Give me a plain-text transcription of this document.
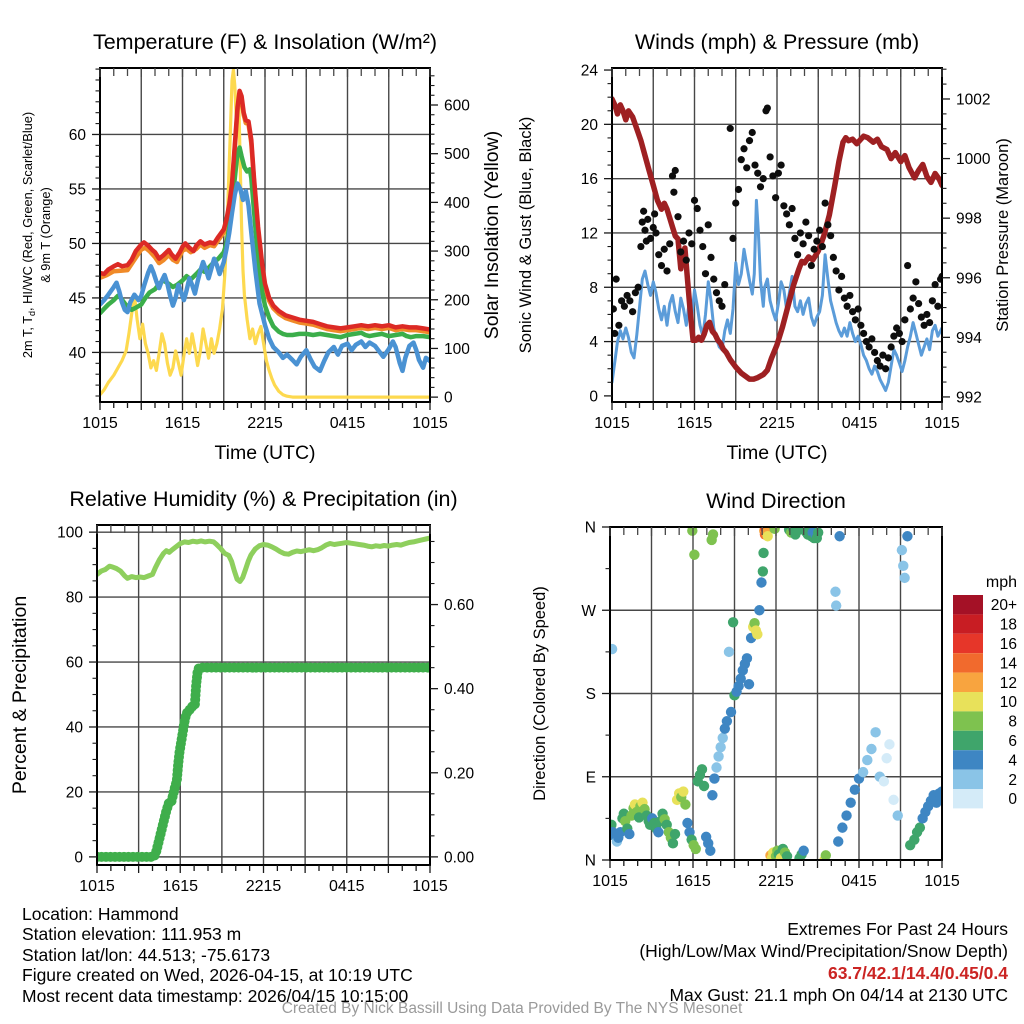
40
45
50
55
60
0
100
200
300
400
500
600
1015	1615	2215	0415	1015
Time (UTC)
Temperature (F) & Insolation (W/m²)
2m T, $T_d$, HI/WC (Red, Green, Scarlet/Blue) & 9m T (Orange)	Solar Insolation (Yellow)
0
4
8
12
16
20
24
992
994
996
998
1000
1002
1015	1615	2215	0415	1015
Time (UTC)
Winds (mph) & Pressure (mb)
Sonic Wind & Gust (Blue, Black)	Station Pressure (Maroon)
0
20
40
60
80
100
0.00
0.20
0.40
0.60
1015	1615	2215	0415	1015
Relative Humidity (%) & Precipitation (in)
Percent & Precipitation
N
E
S
W
N
1015	1615	2215	0415	1015
Wind Direction
Direction (Colored By Speed)
mph
20+
18
16
14
12
10
8
6
4
2
0
Location: Hammond
Station elevation: 111.953 m
Station lat/lon: 44.513; -75.6173
Figure created on Wed, 2026-04-15, at 10:19 UTC
Most recent data timestamp: 2026/04/15 10:15:00
Extremes For Past 24 Hours
(High/Low/Max Wind/Precipitation/Snow Depth)
63.7/42.1/14.4/0.45/0.4
Max Gust: 21.1 mph On 04/14 at 2130 UTC
Created By Nick Bassill Using Data Provided By The NYS Mesonet
